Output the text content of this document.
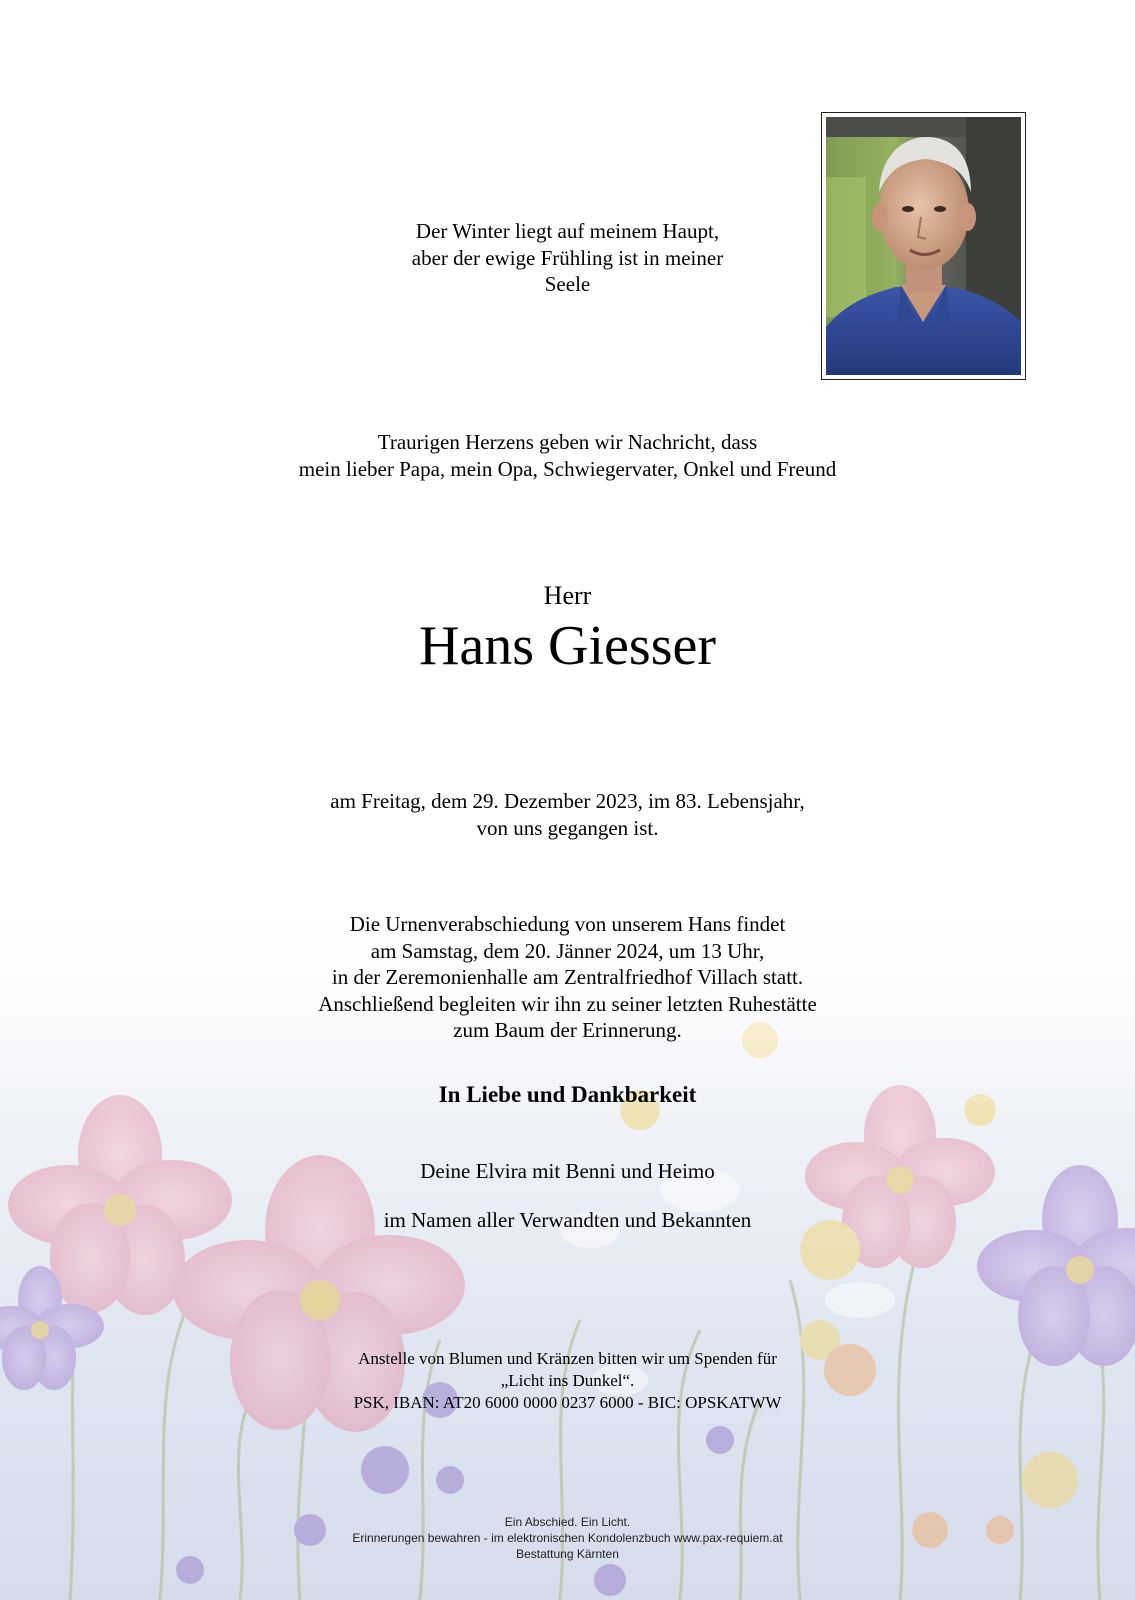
Der Winter liegt auf meinem Haupt,
aber der ewige Frühling ist in meiner
Seele
Traurigen Herzens geben wir Nachricht, dass
mein lieber Papa, mein Opa, Schwiegervater, Onkel und Freund
Herr
Hans Giesser
am Freitag, dem 29. Dezember 2023, im 83. Lebensjahr,
von uns gegangen ist.
Die Urnenverabschiedung von unserem Hans findet
am Samstag, dem 20. Jänner 2024, um 13 Uhr,
in der Zeremonienhalle am Zentralfriedhof Villach statt.
Anschließend begleiten wir ihn zu seiner letzten Ruhestätte
zum Baum der Erinnerung.
In Liebe und Dankbarkeit
Deine Elvira mit Benni und Heimo
im Namen aller Verwandten und Bekannten
Anstelle von Blumen und Kränzen bitten wir um Spenden für
„Licht ins Dunkel“.
PSK, IBAN: AT20 6000 0000 0237 6000 - BIC: OPSKATWW
Ein Abschied. Ein Licht.
Erinnerungen bewahren - im elektronischen Kondolenzbuch www.pax-requiem.at
Bestattung Kärnten
